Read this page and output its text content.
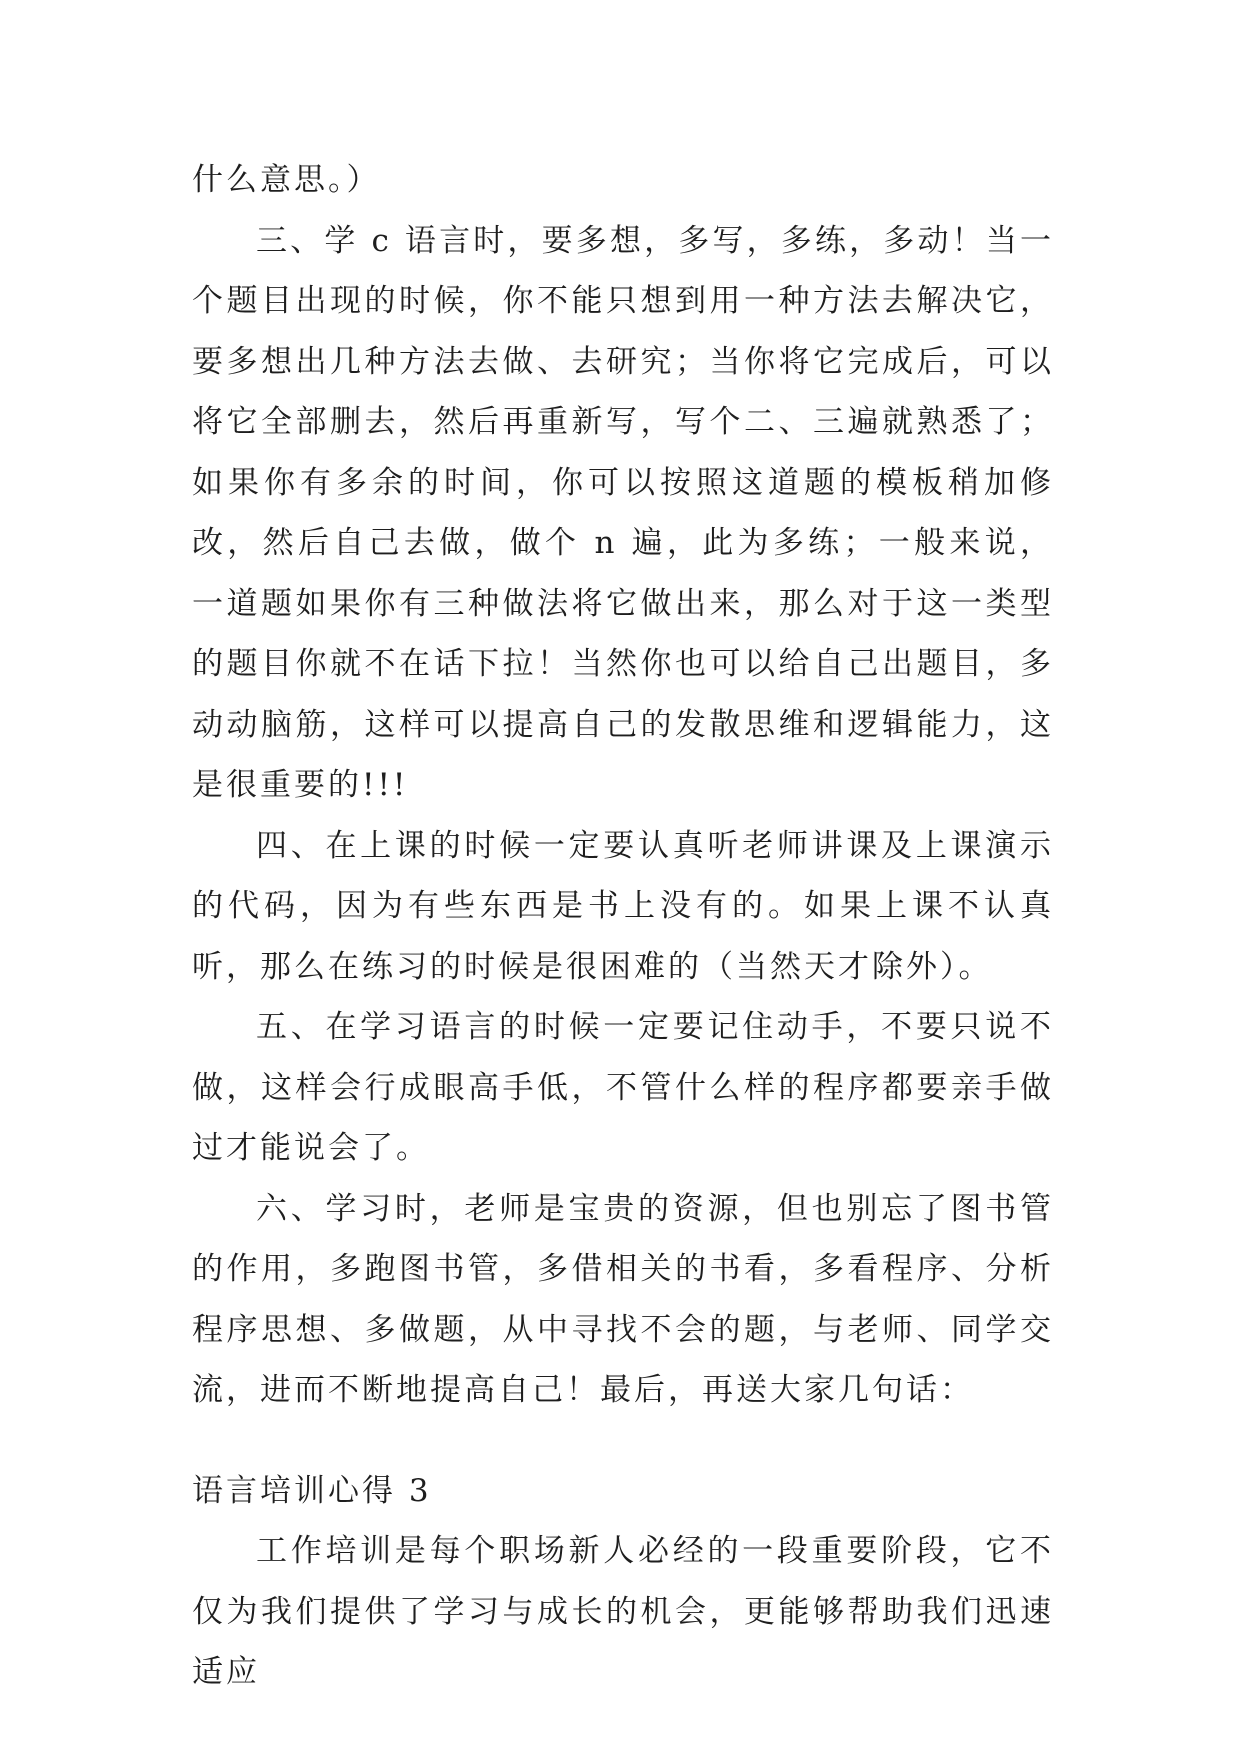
什么意思。）

三、学 c 语言时，要多想，多写，多练，多动！当一个题目出现的时候，你不能只想到用一种方法去解决它，要多想出几种方法去做、去研究；当你将它完成后，可以将它全部删去，然后再重新写，写个二、三遍就熟悉了；如果你有多余的时间，你可以按照这道题的模板稍加修改，然后自己去做，做个 n 遍，此为多练；一般来说，一道题如果你有三种做法将它做出来，那么对于这一类型的题目你就不在话下拉！当然你也可以给自己出题目，多动动脑筋，这样可以提高自己的发散思维和逻辑能力，这是很重要的!!!

四、在上课的时候一定要认真听老师讲课及上课演示的代码，因为有些东西是书上没有的。如果上课不认真听，那么在练习的时候是很困难的（当然天才除外）。

五、在学习语言的时候一定要记住动手，不要只说不做，这样会行成眼高手低，不管什么样的程序都要亲手做过才能说会了。

六、学习时，老师是宝贵的资源，但也别忘了图书管的作用，多跑图书管，多借相关的书看，多看程序、分析程序思想、多做题，从中寻找不会的题，与老师、同学交流，进而不断地提高自己！最后，再送大家几句话：

语言培训心得 3

工作培训是每个职场新人必经的一段重要阶段，它不仅为我们提供了学习与成长的机会，更能够帮助我们迅速适应
